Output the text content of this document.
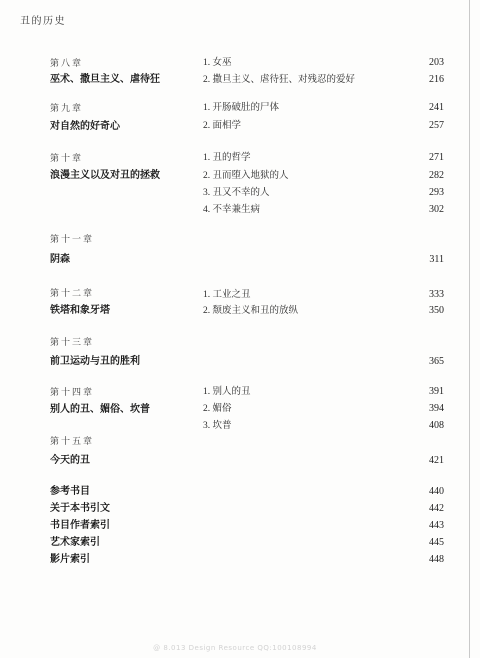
丑的历史
第八章
巫术、撒旦主义、虐待狂
1. 女巫	203
2. 撒旦主义、虐待狂、对残忍的爱好	216
第九章
对自然的好奇心
1. 开肠破肚的尸体	241
2. 面相学	257
第十章
浪漫主义以及对丑的拯救
1. 丑的哲学	271
2. 丑而堕入地狱的人	282
3. 丑又不幸的人	293
4. 不幸兼生病	302
第十一章
阴森	311
第十二章
铁塔和象牙塔
1. 工业之丑	333
2. 颓废主义和丑的放纵	350
第十三章
前卫运动与丑的胜利	365
第十四章
别人的丑、媚俗、坎普
1. 别人的丑	391
2. 媚俗	394
3. 坎普	408
第十五章
今天的丑	421
参考书目	440
关于本书引文	442
书目作者索引	443
艺术家索引	445
影片索引	448
@ 8.013 Design Resource QQ:100108994
